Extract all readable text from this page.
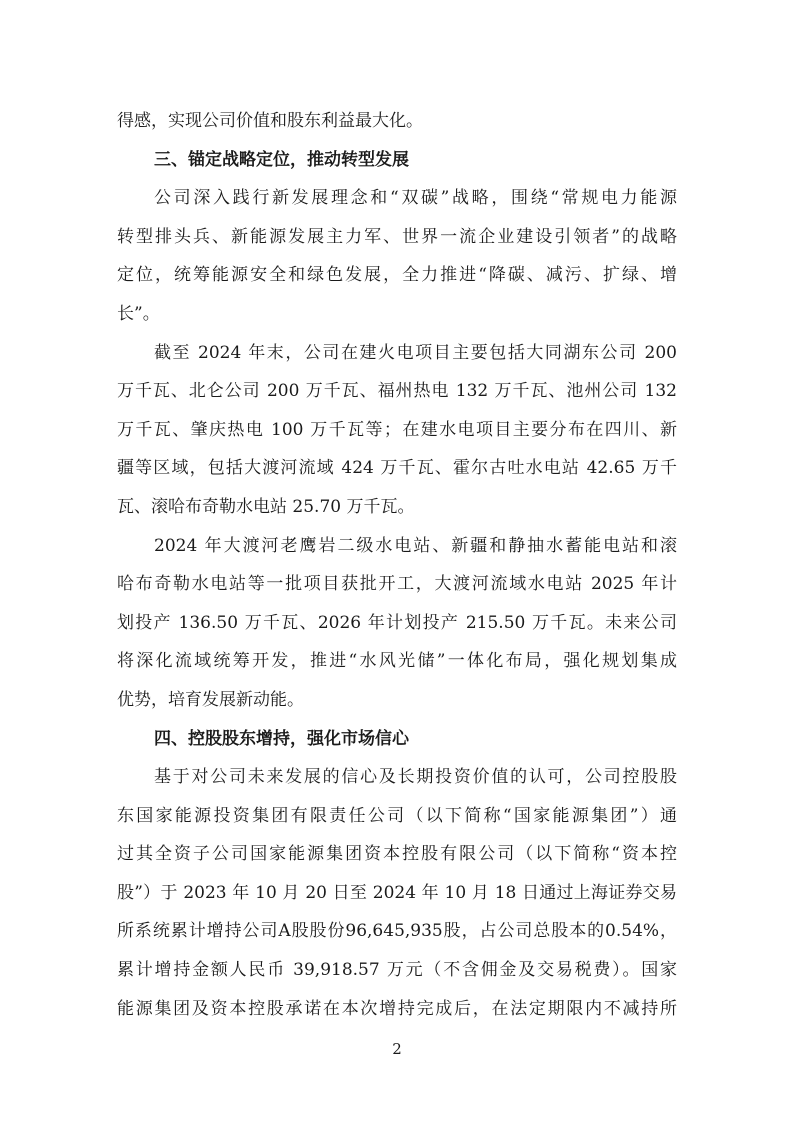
得感，实现公司价值和股东利益最大化。
三、锚定战略定位，推动转型发展
公司深入践行新发展理念和“双碳”战略，围绕“常规电力能源
转型排头兵、新能源发展主力军、世界一流企业建设引领者”的战略
定位，统筹能源安全和绿色发展，全力推进“降碳、减污、扩绿、增
长”。
截至 2024 年末，公司在建火电项目主要包括大同湖东公司 200
万千瓦、北仑公司 200 万千瓦、福州热电 132 万千瓦、池州公司 132
万千瓦、肇庆热电 100 万千瓦等；在建水电项目主要分布在四川、新
疆等区域，包括大渡河流域 424 万千瓦、霍尔古吐水电站 42.65 万千
瓦、滚哈布奇勒水电站 25.70 万千瓦。
2024 年大渡河老鹰岩二级水电站、新疆和静抽水蓄能电站和滚
哈布奇勒水电站等一批项目获批开工，大渡河流域水电站 2025 年计
划投产 136.50 万千瓦、2026 年计划投产 215.50 万千瓦。未来公司
将深化流域统筹开发，推进“水风光储”一体化布局，强化规划集成
优势，培育发展新动能。
四、控股股东增持，强化市场信心
基于对公司未来发展的信心及长期投资价值的认可，公司控股股
东国家能源投资集团有限责任公司（以下简称“国家能源集团”）通
过其全资子公司国家能源集团资本控股有限公司（以下简称“资本控
股”）于 2023 年 10 月 20 日至 2024 年 10 月 18 日通过上海证券交易
所系统累计增持公司A股股份96,645,935股，占公司总股本的0.54%，
累计增持金额人民币 39,918.57 万元（不含佣金及交易税费）。国家
能源集团及资本控股承诺在本次增持完成后，在法定期限内不减持所
2
